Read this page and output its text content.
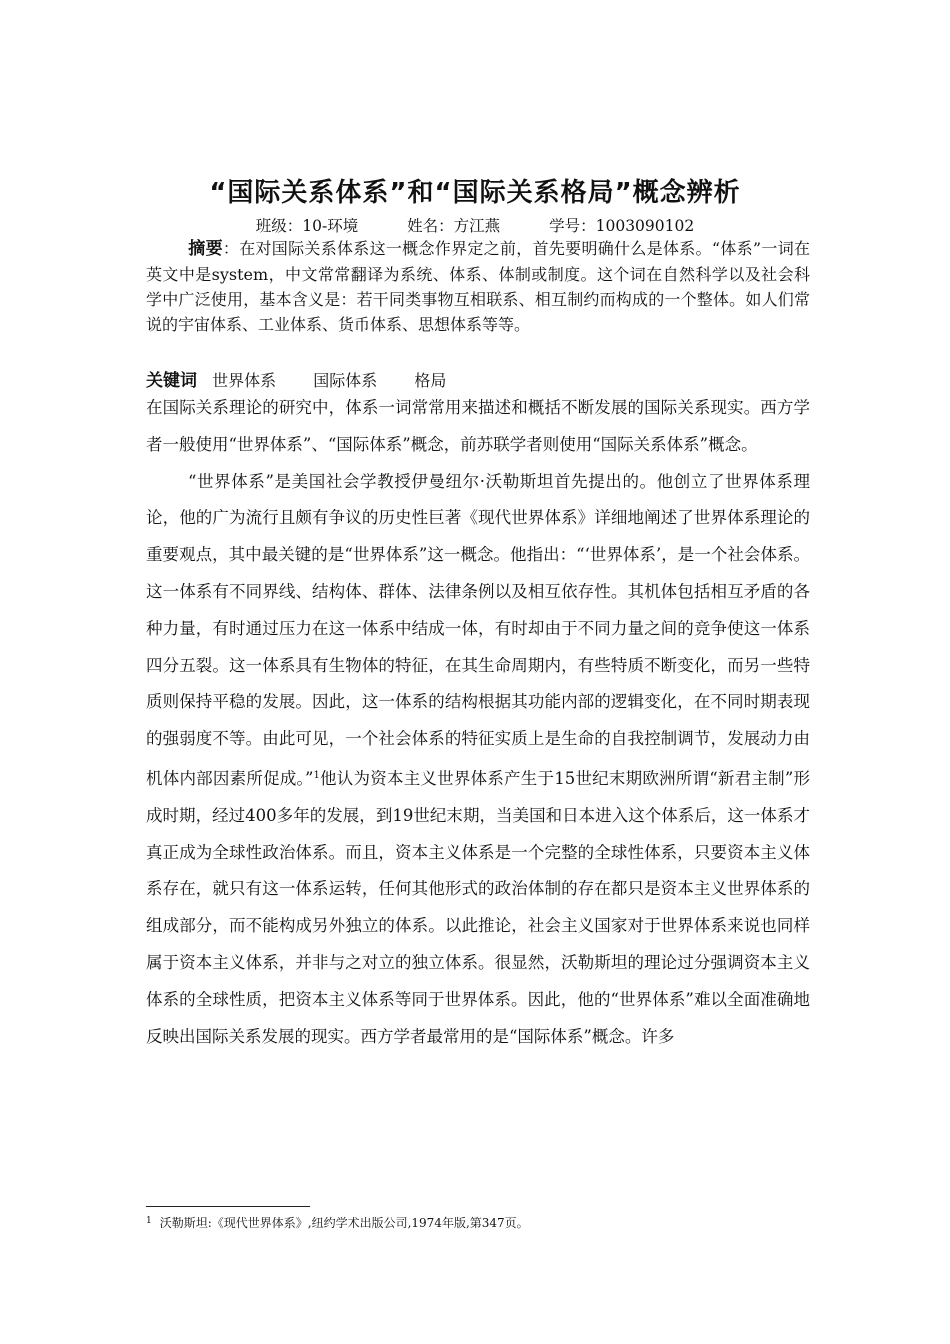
“国际关系体系”和“国际关系格局”概念辨析
班级：10-环境	姓名：方江燕	学号：1003090102
摘要：在对国际关系体系这一概念作界定之前，首先要明确什么是体系。“体系”一词在英文中是system，中文常常翻译为系统、体系、体制或制度。这个词在自然科学以及社会科学中广泛使用，基本含义是：若干同类事物互相联系、相互制约而构成的一个整体。如人们常说的宇宙体系、工业体系、货币体系、思想体系等等。
关键词 世界体系 国际体系 格局

在国际关系理论的研究中，体系一词常常用来描述和概括不断发展的国际关系现实。西方学者一般使用“世界体系”、“国际体系”概念，前苏联学者则使用“国际关系体系”概念。

“世界体系”是美国社会学教授伊曼纽尔·沃勒斯坦首先提出的。他创立了世界体系理论，他的广为流行且颇有争议的历史性巨著《现代世界体系》详细地阐述了世界体系理论的重要观点，其中最关键的是“世界体系”这一概念。他指出：“‘世界体系’，是一个社会体系。这一体系有不同界线、结构体、群体、法律条例以及相互依存性。其机体包括相互矛盾的各种力量，有时通过压力在这一体系中结成一体，有时却由于不同力量之间的竞争使这一体系四分五裂。这一体系具有生物体的特征，在其生命周期内，有些特质不断变化，而另一些特质则保持平稳的发展。因此，这一体系的结构根据其功能内部的逻辑变化，在不同时期表现的强弱度不等。由此可见，一个社会体系的特征实质上是生命的自我控制调节，发展动力由机体内部因素所促成。”$^1$他认为资本主义世界体系产生于15世纪末期欧洲所谓“新君主制”形成时期，经过400多年的发展，到19世纪末期，当美国和日本进入这个体系后，这一体系才真正成为全球性政治体系。而且，资本主义体系是一个完整的全球性体系，只要资本主义体系存在，就只有这一体系运转，任何其他形式的政治体制的存在都只是资本主义世界体系的组成部分，而不能构成另外独立的体系。以此推论，社会主义国家对于世界体系来说也同样属于资本主义体系，并非与之对立的独立体系。很显然，沃勒斯坦的理论过分强调资本主义体系的全球性质，把资本主义体系等同于世界体系。因此，他的“世界体系”难以全面准确地反映出国际关系发展的现实。西方学者最常用的是“国际体系”概念。许多

$^1$ 沃勒斯坦:《现代世界体系》,纽约学术出版公司,1974年版,第347页。
